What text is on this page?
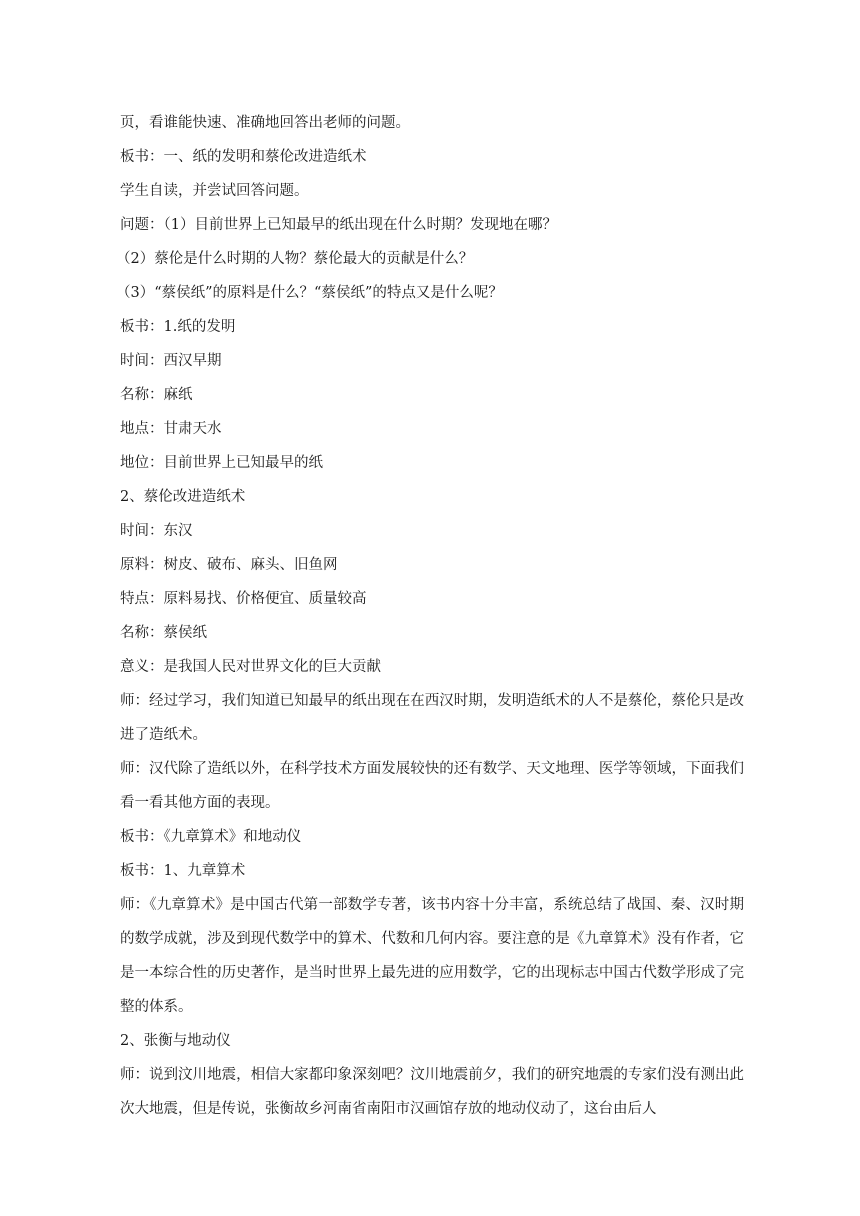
页，看谁能快速、准确地回答出老师的问题。
板书：一、纸的发明和蔡伦改进造纸术
学生自读，并尝试回答问题。
问题：（1）目前世界上已知最早的纸出现在什么时期？发现地在哪？
（2）蔡伦是什么时期的人物？蔡伦最大的贡献是什么？
（3）“蔡侯纸”的原料是什么？“蔡侯纸”的特点又是什么呢？
板书：1.纸的发明
时间：西汉早期
名称：麻纸
地点：甘肃天水
地位：目前世界上已知最早的纸
2、蔡伦改进造纸术
时间：东汉
原料：树皮、破布、麻头、旧鱼网
特点：原料易找、价格便宜、质量较高
名称：蔡侯纸
意义：是我国人民对世界文化的巨大贡献
师：经过学习，我们知道已知最早的纸出现在在西汉时期，发明造纸术的人不是蔡伦，蔡伦只是改进了造纸术。
师：汉代除了造纸以外，在科学技术方面发展较快的还有数学、天文地理、医学等领域，下面我们看一看其他方面的表现。
板书：《九章算术》和地动仪
板书：1、九章算术
师：《九章算术》是中国古代第一部数学专著，该书内容十分丰富，系统总结了战国、秦、汉时期的数学成就，涉及到现代数学中的算术、代数和几何内容。要注意的是《九章算术》没有作者，它是一本综合性的历史著作，是当时世界上最先进的应用数学，它的出现标志中国古代数学形成了完整的体系。
2、张衡与地动仪
师：说到汶川地震，相信大家都印象深刻吧？汶川地震前夕，我们的研究地震的专家们没有测出此次大地震，但是传说，张衡故乡河南省南阳市汉画馆存放的地动仪动了，这台由后人
